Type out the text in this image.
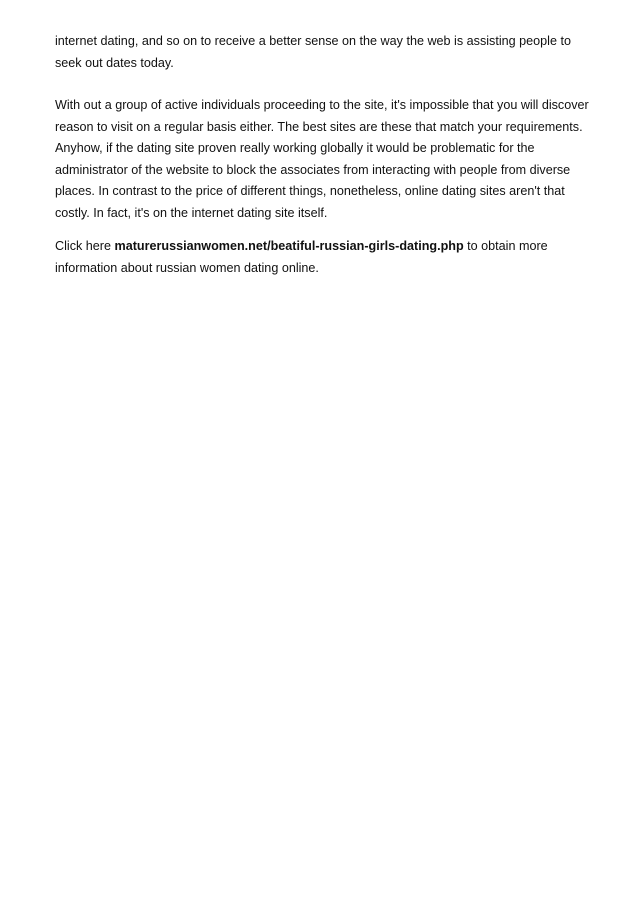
internet dating, and so on to receive a better sense on the way the web is assisting people to seek out dates today.

With out a group of active individuals proceeding to the site, it's impossible that you will discover reason to visit on a regular basis either. The best sites are these that match your requirements. Anyhow, if the dating site proven really working globally it would be problematic for the administrator of the website to block the associates from interacting with people from diverse places. In contrast to the price of different things, nonetheless, online dating sites aren't that costly. In fact, it's on the internet dating site itself.

Click here maturerussianwomen.net/beatiful-russian-girls-dating.php to obtain more information about russian women dating online.
